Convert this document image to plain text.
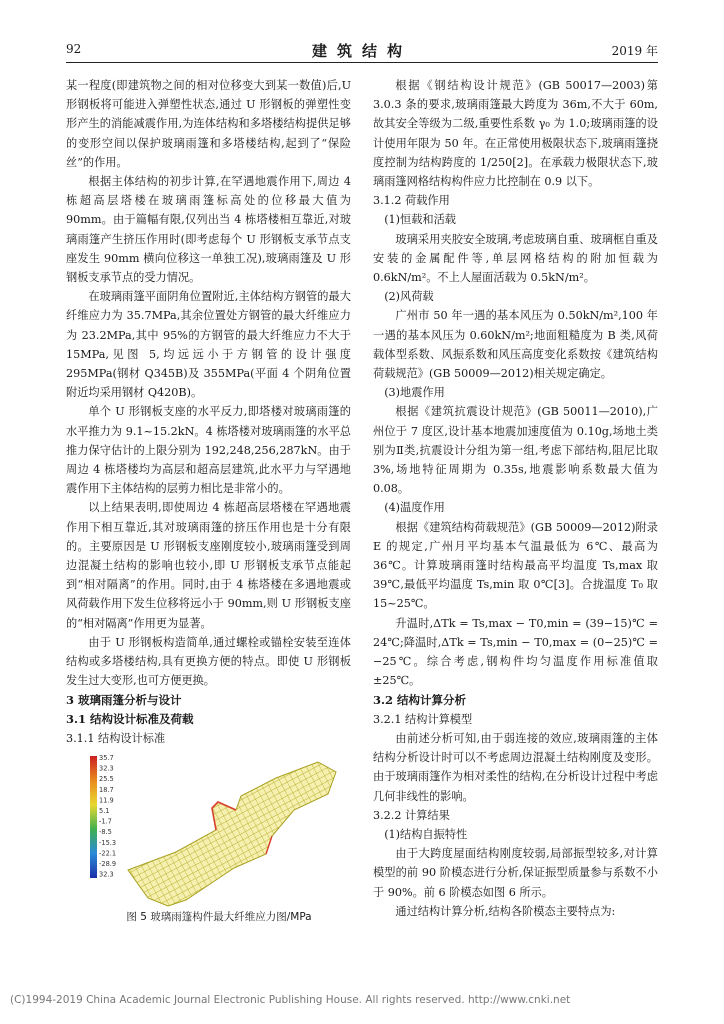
92	建筑结构	2019 年

某一程度(即建筑物之间的相对位移变大到某一数值)后,U 形钢板将可能进入弹塑性状态,通过 U 形钢板的弹塑性变形产生的消能减震作用,为连体结构和多塔楼结构提供足够的变形空间以保护玻璃雨篷和多塔楼结构,起到了“保险丝”的作用。

根据主体结构的初步计算,在罕遇地震作用下,周边 4 栋超高层塔楼在玻璃雨篷标高处的位移最大值为 90mm。由于篇幅有限,仅列出当 4 栋塔楼相互靠近,对玻璃雨篷产生挤压作用时(即考虑每个 U 形钢板支承节点支座发生 90mm 横向位移这一单独工况),玻璃雨篷及 U 形钢板支承节点的受力情况。

在玻璃雨篷平面阴角位置附近,主体结构方钢管的最大纤维应力为 35.7MPa,其余位置处方钢管的最大纤维应力为 23.2MPa,其中 95%的方钢管的最大纤维应力不大于 15MPa,见图 5,均远远小于方钢管的设计强度 295MPa(钢材 Q345B)及 355MPa(平面 4 个阴角位置附近均采用钢材 Q420B)。

单个 U 形钢板支座的水平反力,即塔楼对玻璃雨篷的水平推力为 9.1~15.2kN。4 栋塔楼对玻璃雨篷的水平总推力保守估计的上限分别为 192,248,256,287kN。由于周边 4 栋塔楼均为高层和超高层建筑,此水平力与罕遇地震作用下主体结构的层剪力相比是非常小的。

以上结果表明,即使周边 4 栋超高层塔楼在罕遇地震作用下相互靠近,其对玻璃雨篷的挤压作用也是十分有限的。主要原因是 U 形钢板支座刚度较小,玻璃雨篷受到周边混凝土结构的影响也较小,即 U 形钢板支承节点能起到“相对隔离”的作用。同时,由于 4 栋塔楼在多遇地震或风荷载作用下发生位移将远小于 90mm,则 U 形钢板支座的“相对隔离”作用更为显著。

由于 U 形钢板构造简单,通过螺栓或锚栓安装至连体结构或多塔楼结构,具有更换方便的特点。即使 U 形钢板发生过大变形,也可方便更换。

3 玻璃雨篷分析与设计
3.1 结构设计标准及荷载
3.1.1 结构设计标准
35.7
32.3
25.5
18.7
11.9
5.1
-1.7
-8.5
-15.3
-22.1
-28.9
32.3

图 5 玻璃雨篷构件最大纤维应力图/MPa

根据《钢结构设计规范》(GB 50017—2003)第 3.0.3 条的要求,玻璃雨篷最大跨度为 36m,不大于 60m,故其安全等级为二级,重要性系数 γ₀ 为 1.0;玻璃雨篷的设计使用年限为 50 年。在正常使用极限状态下,玻璃雨篷挠度控制为结构跨度的 1/250[2]。在承载力极限状态下,玻璃雨篷网格结构构件应力比控制在 0.9 以下。

3.1.2 荷载作用
(1)恒载和活载

玻璃采用夹胶安全玻璃,考虑玻璃自重、玻璃框自重及安装的金属配件等,单层网格结构的附加恒载为 0.6kN/m²。不上人屋面活载为 0.5kN/m²。

(2)风荷载

广州市 50 年一遇的基本风压为 0.50kN/m²,100 年一遇的基本风压为 0.60kN/m²;地面粗糙度为 B 类,风荷载体型系数、风振系数和风压高度变化系数按《建筑结构荷载规范》(GB 50009—2012)相关规定确定。

(3)地震作用

根据《建筑抗震设计规范》(GB 50011—2010),广州位于 7 度区,设计基本地震加速度值为 0.10g,场地土类别为Ⅱ类,抗震设计分组为第一组,考虑下部结构,阻尼比取 3%,场地特征周期为 0.35s,地震影响系数最大值为 0.08。

(4)温度作用

根据《建筑结构荷载规范》(GB 50009—2012)附录 E 的规定,广州月平均基本气温最低为 6℃、最高为 36℃。计算玻璃雨篷时结构最高平均温度 Ts,max 取 39℃,最低平均温度 Ts,min 取 0℃[3]。合拢温度 T₀ 取 15~25℃。

升温时,ΔTk = Ts,max − T0,min = (39−15)℃ = 24℃;降温时,ΔTk = Ts,min − T0,max = (0−25)℃ = −25℃。综合考虑,钢构件均匀温度作用标准值取±25℃。

3.2 结构计算分析
3.2.1 结构计算模型

由前述分析可知,由于弱连接的效应,玻璃雨篷的主体结构分析设计时可以不考虑周边混凝土结构刚度及变形。由于玻璃雨篷作为相对柔性的结构,在分析设计过程中考虑几何非线性的影响。

3.2.2 计算结果
(1)结构自振特性

由于大跨度屋面结构刚度较弱,局部振型较多,对计算模型的前 90 阶模态进行分析,保证振型质量参与系数不小于 90%。前 6 阶模态如图 6 所示。

通过结构计算分析,结构各阶模态主要特点为:

(C)1994-2019 China Academic Journal Electronic Publishing House. All rights reserved. http://www.cnki.net
